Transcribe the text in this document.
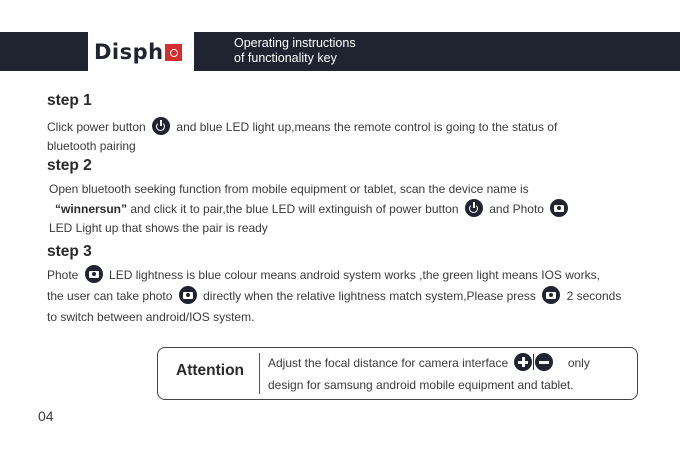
Disph	Operating instructions
of functionality key
step 1
Click power button	and blue LED light up,means the remote control is going to the status of
bluetooth pairing
step 2
Open bluetooth seeking function from mobile equipment or tablet, scan the device name is
“winnersun” and click it to pair,the blue LED will extinguish of power button	and Photo
LED Light up that shows the pair is ready
step 3
Phote	LED lightness is blue colour means android system works ,the green light means IOS works,
the user can take photo	directly when the relative lightness match system,Please press	2 seconds
to switch between android/IOS system.
Attention Adjust the focal distance for camera interface	only
design for samsung android mobile equipment and tablet.
04
